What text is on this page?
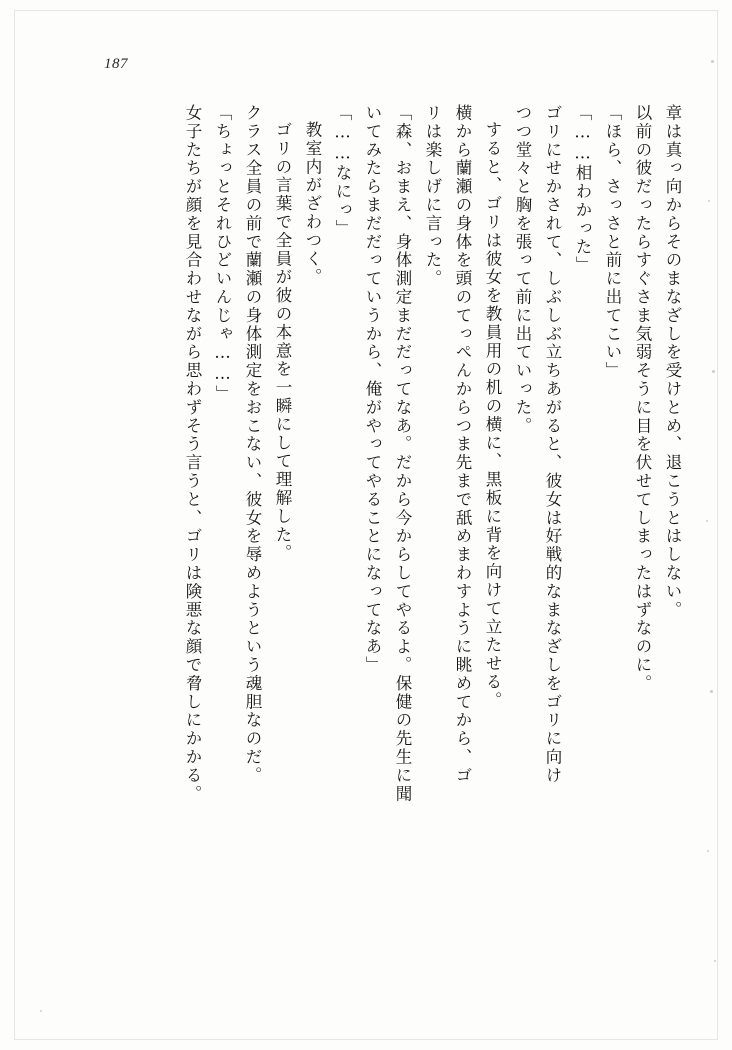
187
章は真っ向からそのまなざしを受けとめ、退こうとはしない。
以前の彼だったらすぐさま気弱そうに目を伏せてしまったはずなのに。
「ほら、さっさと前に出てこい」
「……相わかった」
ゴリにせかされて、しぶしぶ立ちあがると、彼女は好戦的なまなざしをゴリに向け
つつ堂々と胸を張って前に出ていった。
すると、ゴリは彼女を教員用の机の横に、黒板に背を向けて立たせる。
横から蘭瀬の身体を頭のてっぺんからつま先まで舐めまわすように眺めてから、ゴ
リは楽しげに言った。
「森、おまえ、身体測定まだだってなあ。だから今からしてやるよ。保健の先生に聞
いてみたらまだだっていうから、俺がやってやることになってなあ」
「……なにっ」
教室内がざわつく。
ゴリの言葉で全員が彼の本意を一瞬にして理解した。
クラス全員の前で蘭瀬の身体測定をおこない、彼女を辱めようという魂胆なのだ。
「ちょっとそれひどいんじゃ……」
女子たちが顔を見合わせながら思わずそう言うと、ゴリは険悪な顔で脅しにかかる。
